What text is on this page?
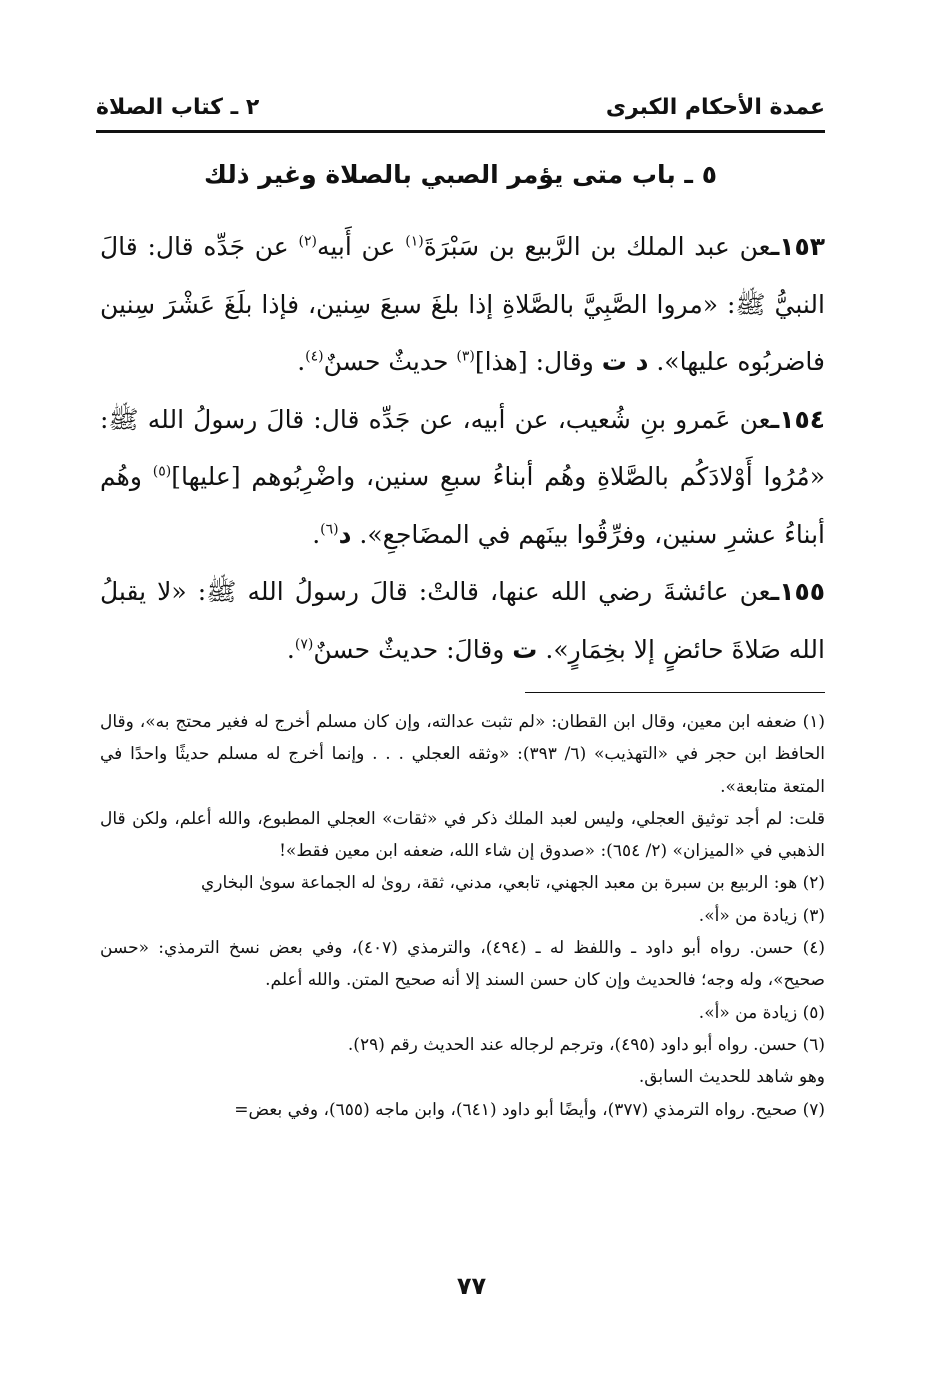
عمدة الأحكام الكبرى
٢ ـ كتاب الصلاة
٥ ـ باب متى يؤمر الصبي بالصلاة وغير ذلك

١٥٣ـعن عبد الملك بن الرَّبيع بن سَبْرَةَ$^{(١)}$ عن أَبيه$^{(٢)}$ عن جَدِّه قال: قالَ النبيُّ ﷺ: «مروا الصَّبِيَّ بالصَّلاةِ إذا بلغَ سبعَ سِنين، فإذا بلَغَ عَشْرَ سِنين فاضربُوه عليها». د ت وقال: [هذا]$^{(٣)}$ حديثٌ حسنٌ$^{(٤)}$.

١٥٤ـعن عَمرو بنِ شُعيب، عن أبيه، عن جَدِّه قال: قالَ رسولُ الله ﷺ: «مُرُوا أَوْلادَكُم بالصَّلاةِ وهُم أبناءُ سبعِ سنين، واضْرِبُوهم [عليها]$^{(٥)}$ وهُم أبناءُ عشرِ سنين، وفرِّقُوا بينَهم في المضَاجعِ». د$^{(٦)}$.

١٥٥ـعن عائشةَ رضي الله عنها، قالتْ: قالَ رسولُ الله ﷺ: «لا يقبلُ الله صَلاةَ حائضٍ إلا بخِمَارٍ». ت وقالَ: حديثٌ حسنٌ$^{(٧)}$.

(١) ضعفه ابن معين، وقال ابن القطان: «لم تثبت عدالته، وإن كان مسلم أخرج له فغير محتج به»، وقال الحافظ ابن حجر في «التهذيب» (٦/ ٣٩٣): «وثقه العجلي . . . وإنما أخرج له مسلم حديثًا واحدًا في المتعة متابعة».

قلت: لم أجد توثيق العجلي، وليس لعبد الملك ذكر في «ثقات» العجلي المطبوع، والله أعلم، ولكن قال الذهبي في «الميزان» (٢/ ٦٥٤): «صدوق إن شاء الله، ضعفه ابن معين فقط»!

(٢) هو: الربيع بن سبرة بن معبد الجهني، تابعي، مدني، ثقة، روىٰ له الجماعة سوىٰ البخاري

(٣) زيادة من «أ».

(٤) حسن. رواه أبو داود ـ واللفظ له ـ (٤٩٤)، والترمذي (٤٠٧)، وفي بعض نسخ الترمذي: «حسن صحيح»، وله وجه؛ فالحديث وإن كان حسن السند إلا أنه صحيح المتن. والله أعلم.

(٥) زيادة من «أ».

(٦) حسن. رواه أبو داود (٤٩٥)، وترجم لرجاله عند الحديث رقم (٢٩).

وهو شاهد للحديث السابق.

(٧) صحيح. رواه الترمذي (٣٧٧)، وأيضًا أبو داود (٦٤١)، وابن ماجه (٦٥٥)، وفي بعض=

٧٧
